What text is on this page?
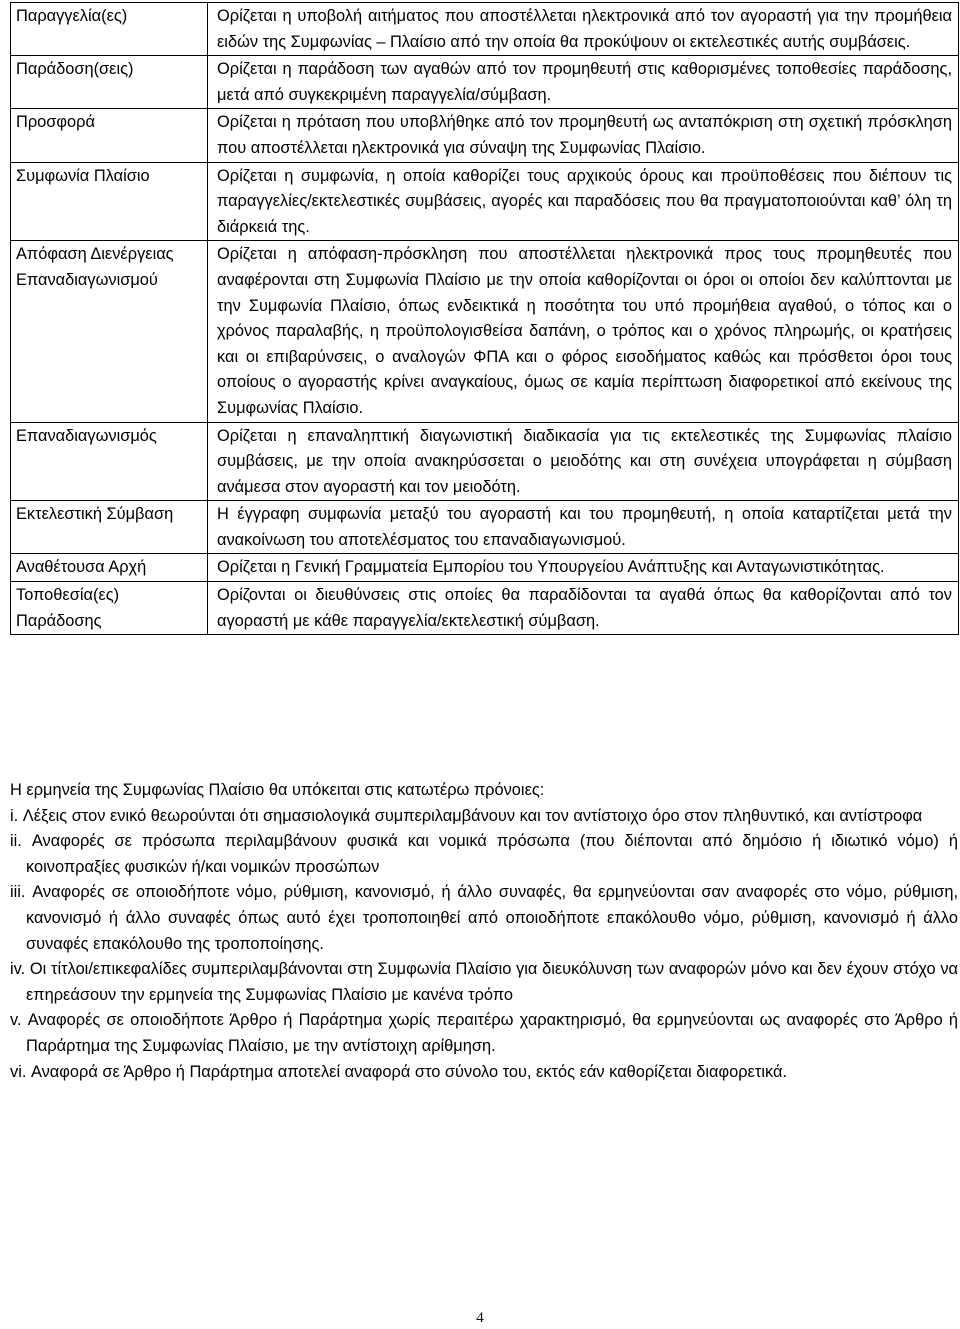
Παραγγελία(ες)	Ορίζεται η υποβολή αιτήματος που αποστέλλεται ηλεκτρονικά από τον αγοραστή για την προμήθεια ειδών της Συμφωνίας – Πλαίσιο από την οποία θα προκύψουν οι εκτελεστικές αυτής συμβάσεις.
Παράδοση(σεις)	Ορίζεται η παράδοση των αγαθών από τον προμηθευτή στις καθορισμένες τοποθεσίες παράδοσης, μετά από συγκεκριμένη παραγγελία/σύμβαση.
Προσφορά	Ορίζεται η πρόταση που υποβλήθηκε από τον προμηθευτή ως ανταπόκριση στη σχετική πρόσκληση που αποστέλλεται ηλεκτρονικά για σύναψη της Συμφωνίας Πλαίσιο.
Συμφωνία Πλαίσιο	Ορίζεται η συμφωνία, η οποία καθορίζει τους αρχικούς όρους και προϋποθέσεις που διέπουν τις παραγγελίες/εκτελεστικές συμβάσεις, αγορές και παραδόσεις που θα πραγματοποιούνται καθ’ όλη τη διάρκειά της.
Απόφαση Διενέργειας Επαναδιαγωνισμού	Ορίζεται η απόφαση-πρόσκληση που αποστέλλεται ηλεκτρονικά προς τους προμηθευτές που αναφέρονται στη Συμφωνία Πλαίσιο με την οποία καθορίζονται οι όροι οι οποίοι δεν καλύπτονται με την Συμφωνία Πλαίσιο, όπως ενδεικτικά η ποσότητα του υπό προμήθεια αγαθού, ο τόπος και ο χρόνος παραλαβής, η προϋπολογισθείσα δαπάνη, ο τρόπος και ο χρόνος πληρωμής, οι κρατήσεις και οι επιβαρύνσεις, ο αναλογών ΦΠΑ και ο φόρος εισοδήματος καθώς και πρόσθετοι όροι τους οποίους ο αγοραστής κρίνει αναγκαίους, όμως σε καμία περίπτωση διαφορετικοί από εκείνους της Συμφωνίας Πλαίσιο.
Επαναδιαγωνισμός	Ορίζεται η επαναληπτική διαγωνιστική διαδικασία για τις εκτελεστικές της Συμφωνίας πλαίσιο συμβάσεις, με την οποία ανακηρύσσεται ο μειοδότης και στη συνέχεια υπογράφεται η σύμβαση ανάμεσα στον αγοραστή και τον μειοδότη.
Εκτελεστική Σύμβαση	Η έγγραφη συμφωνία μεταξύ του αγοραστή και του προμηθευτή, η οποία καταρτίζεται μετά την ανακοίνωση του αποτελέσματος του επαναδιαγωνισμού.
Αναθέτουσα Αρχή	Ορίζεται η Γενική Γραμματεία Εμπορίου του Υπουργείου Ανάπτυξης και Ανταγωνιστικότητας.
Τοποθεσία(ες) Παράδοσης	Ορίζονται οι διευθύνσεις στις οποίες θα παραδίδονται τα αγαθά όπως θα καθορίζονται από τον αγοραστή με κάθε παραγγελία/εκτελεστική σύμβαση.

Η ερμηνεία της Συμφωνίας Πλαίσιο θα υπόκειται στις κατωτέρω πρόνοιες:

i. Λέξεις στον ενικό θεωρούνται ότι σημασιολογικά συμπεριλαμβάνουν και τον αντίστοιχο όρο στον πληθυντικό, και αντίστροφα
ii. Αναφορές σε πρόσωπα περιλαμβάνουν φυσικά και νομικά πρόσωπα (που διέπονται από δημόσιο ή ιδιωτικό νόμο) ή κοινοπραξίες φυσικών ή/και νομικών προσώπων
iii. Αναφορές σε οποιοδήποτε νόμο, ρύθμιση, κανονισμό, ή άλλο συναφές, θα ερμηνεύονται σαν αναφορές στο νόμο, ρύθμιση, κανονισμό ή άλλο συναφές όπως αυτό έχει τροποποιηθεί από οποιοδήποτε επακόλουθο νόμο, ρύθμιση, κανονισμό ή άλλο συναφές επακόλουθο της τροποποίησης.
iv. Οι τίτλοι/επικεφαλίδες συμπεριλαμβάνονται στη Συμφωνία Πλαίσιο για διευκόλυνση των αναφορών μόνο και δεν έχουν στόχο να επηρεάσουν την ερμηνεία της Συμφωνίας Πλαίσιο με κανένα τρόπο
v. Αναφορές σε οποιοδήποτε Άρθρο ή Παράρτημα χωρίς περαιτέρω χαρακτηρισμό, θα ερμηνεύονται ως αναφορές στο Άρθρο ή Παράρτημα της Συμφωνίας Πλαίσιο, με την αντίστοιχη αρίθμηση.
vi. Αναφορά σε Άρθρο ή Παράρτημα αποτελεί αναφορά στο σύνολο του, εκτός εάν καθορίζεται διαφορετικά.
4
